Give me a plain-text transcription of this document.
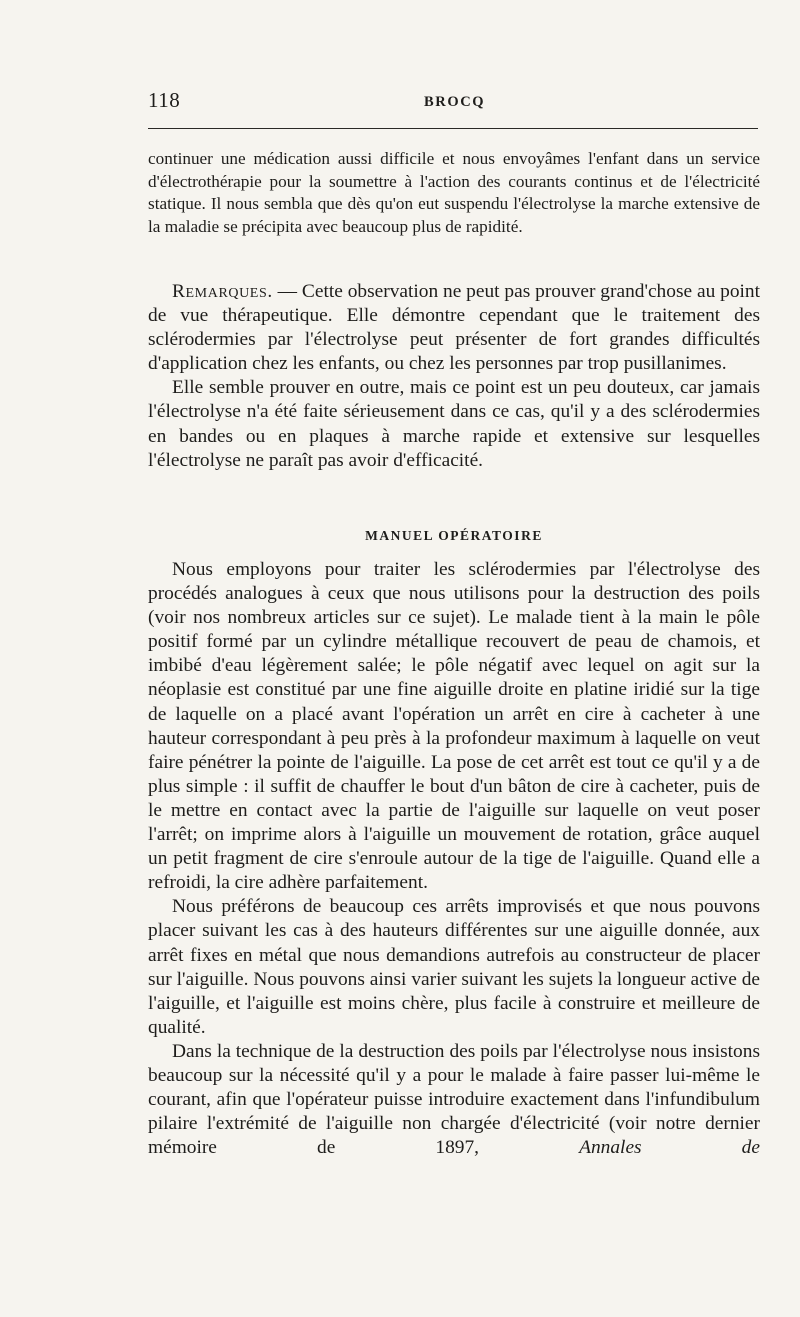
118	BROCQ

continuer une médication aussi difficile et nous envoyâmes l'enfant dans un service d'électrothérapie pour la soumettre à l'action des courants continus et de l'électricité statique. Il nous sembla que dès qu'on eut suspendu l'électrolyse la marche extensive de la maladie se précipita avec beaucoup plus de rapidité.

Remarques. — Cette observation ne peut pas prouver grand'chose au point de vue thérapeutique. Elle démontre cependant que le traitement des sclérodermies par l'électrolyse peut présenter de fort grandes difficultés d'application chez les enfants, ou chez les personnes par trop pusillanimes.

Elle semble prouver en outre, mais ce point est un peu douteux, car jamais l'électrolyse n'a été faite sérieusement dans ce cas, qu'il y a des sclérodermies en bandes ou en plaques à marche rapide et extensive sur lesquelles l'électrolyse ne paraît pas avoir d'efficacité.

MANUEL OPÉRATOIRE

Nous employons pour traiter les sclérodermies par l'électrolyse des procédés analogues à ceux que nous utilisons pour la destruction des poils (voir nos nombreux articles sur ce sujet). Le malade tient à la main le pôle positif formé par un cylindre métallique recouvert de peau de chamois, et imbibé d'eau légèrement salée; le pôle négatif avec lequel on agit sur la néoplasie est constitué par une fine aiguille droite en platine iridié sur la tige de laquelle on a placé avant l'opération un arrêt en cire à cacheter à une hauteur correspondant à peu près à la profondeur maximum à laquelle on veut faire pénétrer la pointe de l'aiguille. La pose de cet arrêt est tout ce qu'il y a de plus simple : il suffit de chauffer le bout d'un bâton de cire à cacheter, puis de le mettre en contact avec la partie de l'aiguille sur laquelle on veut poser l'arrêt; on imprime alors à l'aiguille un mouvement de rotation, grâce auquel un petit fragment de cire s'enroule autour de la tige de l'aiguille. Quand elle a refroidi, la cire adhère parfaitement.

Nous préférons de beaucoup ces arrêts improvisés et que nous pouvons placer suivant les cas à des hauteurs différentes sur une aiguille donnée, aux arrêt fixes en métal que nous demandions autrefois au constructeur de placer sur l'aiguille. Nous pouvons ainsi varier suivant les sujets la longueur active de l'aiguille, et l'aiguille est moins chère, plus facile à construire et meilleure de qualité.

Dans la technique de la destruction des poils par l'électrolyse nous insistons beaucoup sur la nécessité qu'il y a pour le malade à faire passer lui-même le courant, afin que l'opérateur puisse introduire exactement dans l'infundibulum pilaire l'extrémité de l'aiguille non chargée d'électricité (voir notre dernier mémoire de 1897,	Annales de
